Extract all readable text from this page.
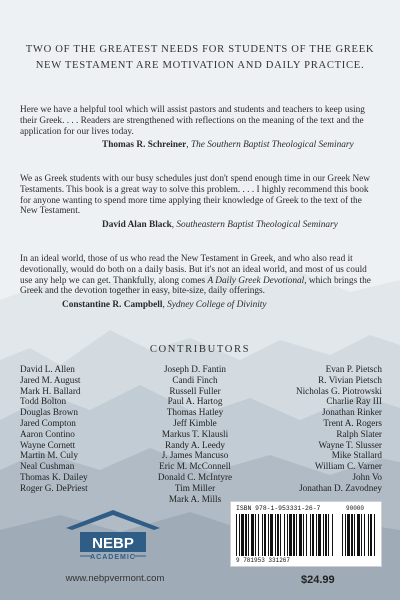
TWO OF THE GREATEST NEEDS FOR STUDENTS OF THE GREEK NEW TESTAMENT ARE MOTIVATION AND DAILY PRACTICE.

Here we have a helpful tool which will assist pastors and students and teachers to keep using their Greek. . . . Readers are strengthened with reflections on the meaning of the text and the application for our lives today.

Thomas R. Schreiner, The Southern Baptist Theological Seminary

We as Greek students with our busy schedules just don't spend enough time in our Greek New Testaments. This book is a great way to solve this problem. . . . I highly recommend this book for anyone wanting to spend more time applying their knowledge of Greek to the text of the New Testament.

David Alan Black, Southeastern Baptist Theological Seminary

In an ideal world, those of us who read the New Testament in Greek, and who also read it devotionally, would do both on a daily basis. But it's not an ideal world, and most of us could use any help we can get. Thankfully, along comes A Daily Greek Devotional, which brings the Greek and the devotion together in easy, bite-size, daily offerings.

Constantine R. Campbell, Sydney College of Divinity
CONTRIBUTORS
David L. Allen
Jared M. August
Mark H. Ballard
Todd Bolton
Douglas Brown
Jared Compton
Aaron Contino
Wayne Cornett
Martin M. Culy
Neal Cushman
Thomas K. Dailey
Roger G. DePriest
Joseph D. Fantin
Candi Finch
Russell Fuller
Paul A. Hartog
Thomas Hatley
Jeff Kimble
Markus T. Klausli
Randy A. Leedy
J. James Mancuso
Eric M. McConnell
Donald C. McIntyre
Tim Miller
Mark A. Mills
Evan P. Pietsch
R. Vivian Pietsch
Nicholas G. Piotrowski
Charlie Ray III
Jonathan Rinker
Trent A. Rogers
Ralph Slater
Wayne T. Slusser
Mike Stallard
William C. Varner
John Vo
Jonathan D. Zavodney
NEBP
ACADEMIC
www.nebpvermont.com
ISBN 978-1-953331-26-7
9 781953 331267
90000
$24.99
